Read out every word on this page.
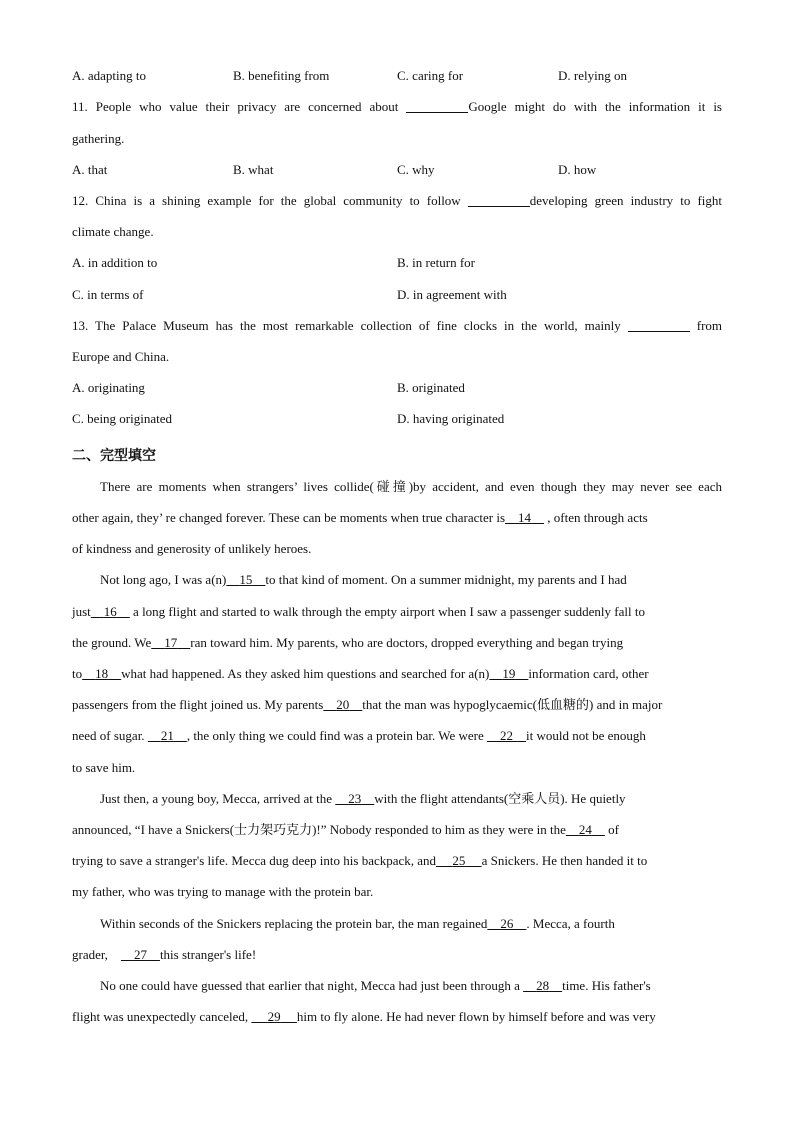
A. adapting to	B. benefiting from	C. caring for	D. relying on
11. People who value their privacy are concerned about	Google might do with the information it is
gathering.
A. that	B. what	C. why	D. how
12. China is a shining example for the global community to follow	developing green industry to fight
climate change.
A. in addition to	B. in return for
C. in terms of	D. in agreement with
13. The Palace Museum has the most remarkable collection of fine clocks in the world, mainly	from
Europe and China.
A. originating	B. originated
C. being originated	D. having originated
二、完型填空
There are moments when strangers’ lives collide(碰撞)by accident, and even though they may never see each
other again, they’ re changed forever. These can be moments when true character is 14     , often through acts
of kindness and generosity of unlikely heroes.
Not long ago, I was a(n) 15 to that kind of moment. On a summer midnight, my parents and I had
just 16     a long flight and started to walk through the empty airport when I saw a passenger suddenly fall to
the ground. We 17 ran toward him. My parents, who are doctors, dropped everything and began trying
to 18 what had happened. As they asked him questions and searched for a(n) 19 information card, other
passengers from the flight joined us. My parents 20 that the man was hypoglycaemic(低血糖的) and in major
need of sugar. 21 , the only thing we could find was a protein bar. We were 22 it would not be enough
to save him.
Just then, a young boy, Mecca, arrived at the 23 with the flight attendants(空乘人员). He quietly
announced, “I have a Snickers(士力架巧克力)!” Nobody responded to him as they were in the 24 of
trying to save a stranger's life. Mecca dug deep into his backpack, and 25 a Snickers. He then handed it to
my father, who was trying to manage with the protein bar.
Within seconds of the Snickers replacing the protein bar, the man regained 26 . Mecca, a fourth
grader, 27 this stranger's life!
No one could have guessed that earlier that night, Mecca had just been through a 28 time. His father's
flight was unexpectedly canceled, 29 him to fly alone. He had never flown by himself before and was very
